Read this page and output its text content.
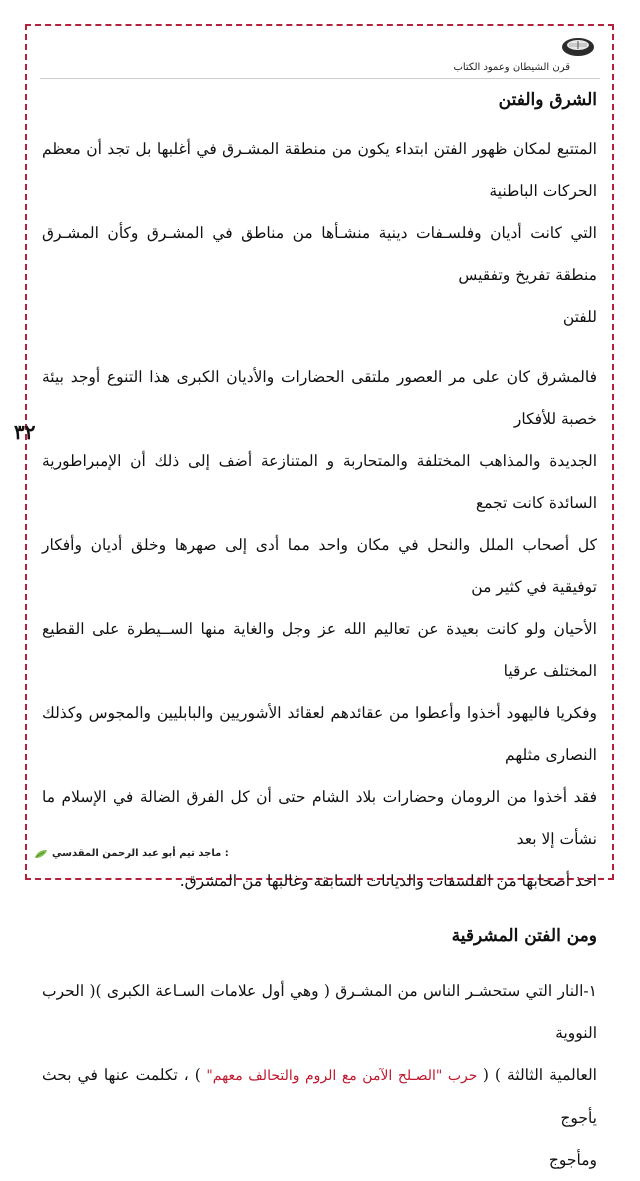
قرن الشيطان وعمود الكتاب
٣٢

الشرق والفتن

المتتبع لمكان ظهور الفتن ابتداء يكون من منطقة المشـرق في أغلبها بل تجد أن معظم الحركات الباطنية

التي كانت أديان وفلسـفات دينية منشـأها من مناطق في المشـرق وكأن المشـرق منطقة تفريخ وتفقيس

للفتن

فالمشرق كان على مر العصور ملتقى الحضارات والأديان الكبرى هذا التنوع أوجد بيئة خصبة للأفكار

الجديدة والمذاهب المختلفة والمتحاربة و المتنازعة أضف إلى ذلك أن الإمبراطورية السائدة كانت تجمع

كل أصحاب الملل والنحل في مكان واحد مما أدى إلى صهرها وخلق أديان وأفكار توفيقية في كثير من

الأحيان ولو كانت بعيدة عن تعاليم الله عز وجل والغاية منها الســيطرة على القطيع المختلف عرقيا

وفكريا فاليهود أخذوا وأعطوا من عقائدهم لعقائد الأشوريين والبابليين والمجوس وكذلك النصارى مثلهم

فقد أخذوا من الرومان وحضارات بلاد الشام حتى أن كل الفرق الضالة في الإسلام ما نشأت إلا بعد

اخذ أصحابها من الفلسفات والديانات السابقة وغالبها من المشرق.

ومن الفتن المشرقية

١-النار التي ستحشـر الناس من المشـرق ( وهي أول علامات السـاعة الكبرى )( الحرب النووية

العالمية الثالثة ) ( حرب "الصـلح الآمن مع الروم والتحالف معهم" ) ، تكلمت عنها في بحث يأجوج

ومأجوج

: ماجد تيم أبو عبد الرحمن المقدسي
